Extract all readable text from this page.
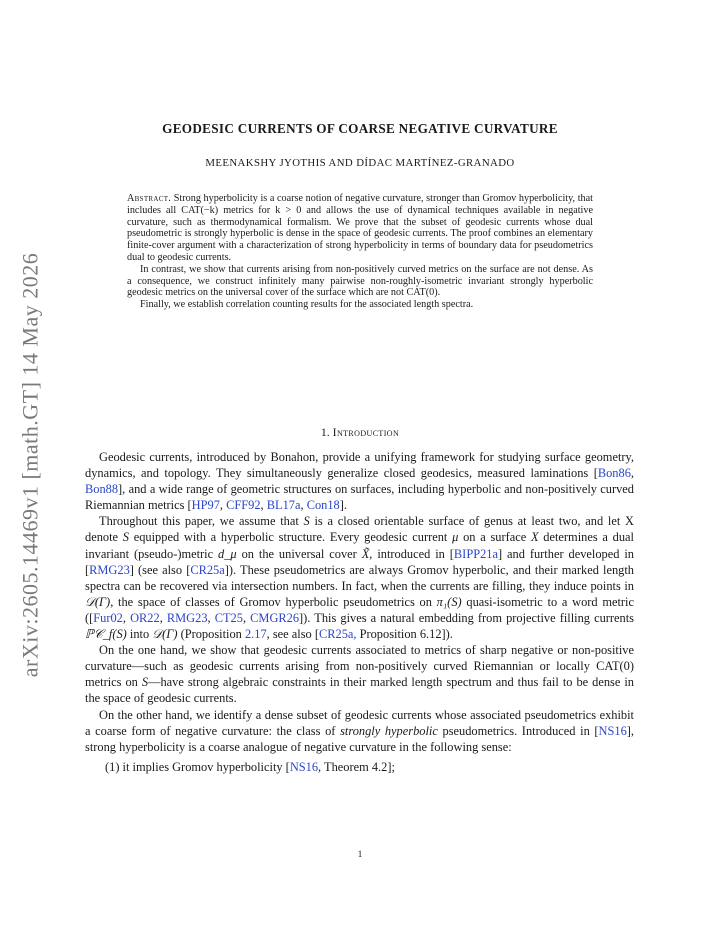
arXiv:2605.14469v1 [math.GT] 14 May 2026
GEODESIC CURRENTS OF COARSE NEGATIVE CURVATURE
MEENAKSHY JYOTHIS AND DÍDAC MARTÍNEZ-GRANADO

Abstract. Strong hyperbolicity is a coarse notion of negative curvature, stronger than Gromov hyperbolicity, that includes all CAT(−k) metrics for k > 0 and allows the use of dynamical techniques available in negative curvature, such as thermodynamical formalism. We prove that the subset of geodesic currents whose dual pseudometric is strongly hyperbolic is dense in the space of geodesic currents. The proof combines an elementary finite-cover argument with a characterization of strong hyperbolicity in terms of boundary data for pseudometrics dual to geodesic currents.

In contrast, we show that currents arising from non-positively curved metrics on the surface are not dense. As a consequence, we construct infinitely many pairwise non-roughly-isometric invariant strongly hyperbolic geodesic metrics on the universal cover of the surface which are not CAT(0).

Finally, we establish correlation counting results for the associated length spectra.

1. Introduction

Geodesic currents, introduced by Bonahon, provide a unifying framework for studying surface geometry, dynamics, and topology. They simultaneously generalize closed geodesics, measured laminations [Bon86, Bon88], and a wide range of geometric structures on surfaces, including hyperbolic and non-positively curved Riemannian metrics [HP97, CFF92, BL17a, Con18].

Throughout this paper, we assume that S is a closed orientable surface of genus at least two, and let X denote S equipped with a hyperbolic structure. Every geodesic current μ on a surface X determines a dual invariant (pseudo-)metric d_μ on the universal cover X̃, introduced in [BIPP21a] and further developed in [RMG23] (see also [CR25a]). These pseudometrics are always Gromov hyperbolic, and their marked length spectra can be recovered via intersection numbers. In fact, when the currents are filling, they induce points in 𝒟(Γ), the space of classes of Gromov hyperbolic pseudometrics on π₁(S) quasi-isometric to a word metric ([Fur02, OR22, RMG23, CT25, CMGR26]). This gives a natural embedding from projective filling currents ℙ𝒞_f(S) into 𝒟(Γ) (Proposition 2.17, see also [CR25a, Proposition 6.12]).

On the one hand, we show that geodesic currents associated to metrics of sharp negative or non-positive curvature—such as geodesic currents arising from non-positively curved Riemannian or locally CAT(0) metrics on S—have strong algebraic constraints in their marked length spectrum and thus fail to be dense in the space of geodesic currents.

On the other hand, we identify a dense subset of geodesic currents whose associated pseudometrics exhibit a coarse form of negative curvature: the class of strongly hyperbolic pseudometrics. Introduced in [NS16], strong hyperbolicity is a coarse analogue of negative curvature in the following sense:

(1) it implies Gromov hyperbolicity [NS16, Theorem 4.2];

1
